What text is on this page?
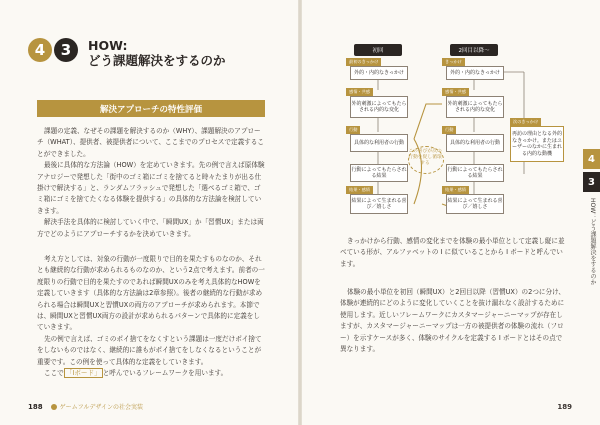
4	3	HOW:
どう課題解決をするのか
解決アプローチの特性評価

課題の定義、なぜその課題を解決するのか（WHY）、課題解決のアプローチ（WHAT）、提供者、被提供者について、ここまでのプロセスで定義することができました。

最後に具体的な方法論（HOW）を定めていきます。先の例で言えば原体験アナロジーで発想した「街中のゴミ箱にゴミを捨てると時々たまりが出る仕掛けで解決する」と、ランダムフラッシュで発想した「選べるゴミ箱で、ゴミ箱にゴミを捨てたくなる体験を提供する」の具体的な方法論を検討していきます。

解決手法を具体的に検討していく中で、「瞬間UX」か「習慣UX」または両方でどのようにアプローチするかを決めていきます。

考え方としては、対象の行動が一度限りで目的を果たすものなのか、それとも継続的な行動が求められるものなのか、という2点で考えます。前者の一度限りの行動で目的を果たすのであれば瞬間UXのみを考え具体的なHOWを定義していきます（具体的な方法論は2章参照）。後者の継続的な行動が求められる場合は瞬間UXと習慣UXの両方のアプローチが求められます。本節では、瞬間UXと習慣UX両方の設計が求められるパターンで具体的に定義をしていきます。

先の例で言えば、ゴミのポイ捨てをなくすという課題は一度だけポイ捨てをしないものではなく、継続的に誰もがポイ捨てをしなくなるということが重要です。この例を使って具体的な定義をしていきます。

ここで 「Iボード」 と呼んでいるフレームワークを用います。

188	ゲームフルデザインの社会実装
4
3
HOW：どう課題解決をするのか
初回	2回目以降～
最初のきっかけ
外的・内的なきっかけ
感情・共感
外的刺激によってもたらされる内的な変化
行動
具体的な利用者の行動
行動によってもたらされる結果
結果・感情
結果によって生まれる喜び／嬉しさ
きっかけ
外的・内的なきっかけ
感情・共感
外的刺激によってもたらされる内的な変化
行動
具体的な利用者の行動
行動によってもたらされる結果
結果・感情
結果によって生まれる喜び／嬉しさ
この喜びが次の行動を促し循環する
次のきっかけ
再訪の理由となる外的なきっかけ。またはユーザーのなかに生まれる内的な動機

きっかけから行動、感情の変化までを体験の最小単位として定義し縦に並べている形が、アルファベットの I に似ていることから I ボードと呼んでいます。

体験の最小単位を初回（瞬間UX）と2回目以降（習慣UX）の2つに分け、体験が連続的にどのように変化していくことを抜け漏れなく設計するために使用します。近しいフレームワークにカスタマージャーニーマップが存在しますが、カスタマージャーニーマップは一方の被提供者の体験の流れ（フロー）を示すケースが多く、体験のサイクルを定義する I ボードとはその点で異なります。

189
